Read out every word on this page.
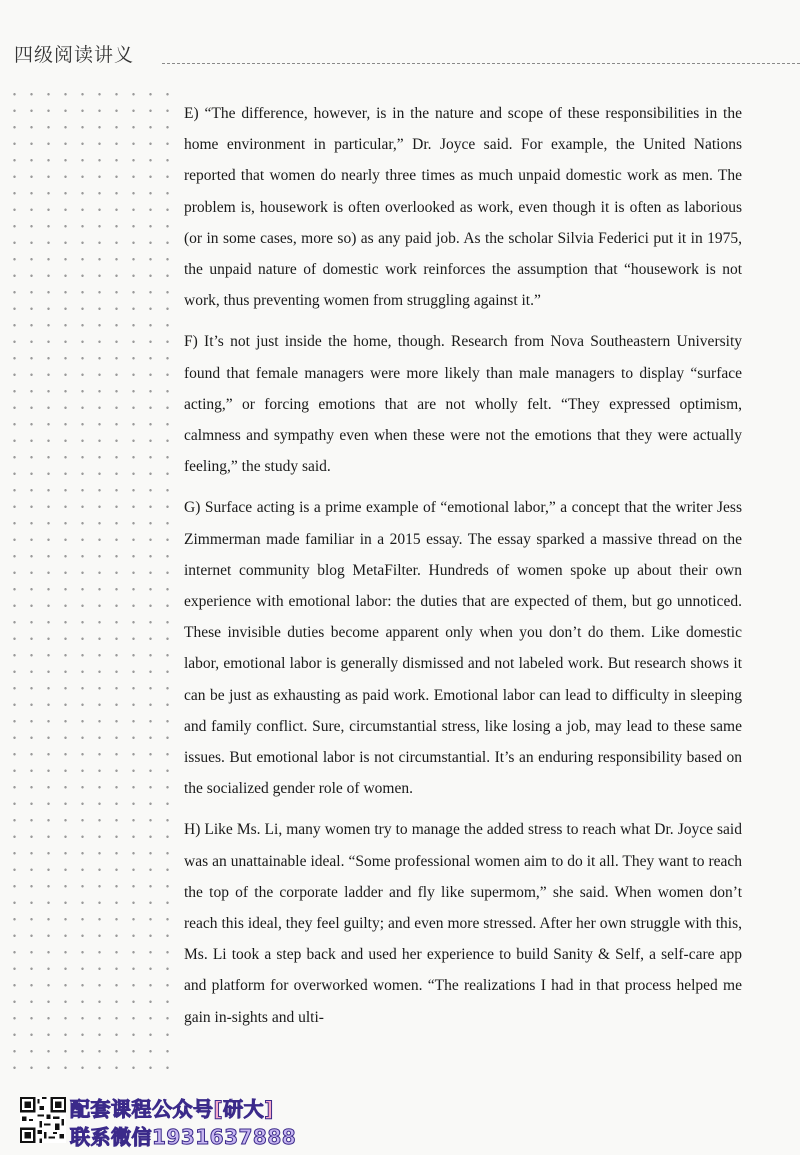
四级阅读讲义

E) “The difference, however, is in the nature and scope of these responsibilities in the home environment in particular,” Dr. Joyce said. For example, the United Nations reported that women do nearly three times as much unpaid domestic work as men. The problem is, housework is often overlooked as work, even though it is often as laborious (or in some cases, more so) as any paid job. As the scholar Silvia Federici put it in 1975, the unpaid nature of domestic work reinforces the assumption that “housework is not work, thus preventing women from struggling against it.”

F) It’s not just inside the home, though. Research from Nova Southeastern University found that female managers were more likely than male managers to display “surface acting,” or forcing emotions that are not wholly felt. “They expressed optimism, calmness and sympathy even when these were not the emotions that they were actually feeling,” the study said.

G) Surface acting is a prime example of “emotional labor,” a concept that the writer Jess Zimmerman made familiar in a 2015 essay. The essay sparked a massive thread on the internet community blog MetaFilter. Hundreds of women spoke up about their own experience with emotional labor: the duties that are expected of them, but go unnoticed. These invisible duties become apparent only when you don’t do them. Like domestic labor, emotional labor is generally dismissed and not labeled work. But research shows it can be just as exhausting as paid work. Emotional labor can lead to difficulty in sleeping and family conflict. Sure, circumstantial stress, like losing a job, may lead to these same issues. But emotional labor is not circumstantial. It’s an enduring responsibility based on the socialized gender role of women.

H) Like Ms. Li, many women try to manage the added stress to reach what Dr. Joyce said was an unattainable ideal. “Some professional women aim to do it all. They want to reach the top of the corporate ladder and fly like supermom,” she said. When women don’t reach this ideal, they feel guilty; and even more stressed. After her own struggle with this, Ms. Li took a step back and used her experience to build Sanity & Self, a self-care app and platform for overworked women. “The realizations I had in that process helped me gain in-sights and ulti-

配套课程公众号[研大]
联系微信1931637888
